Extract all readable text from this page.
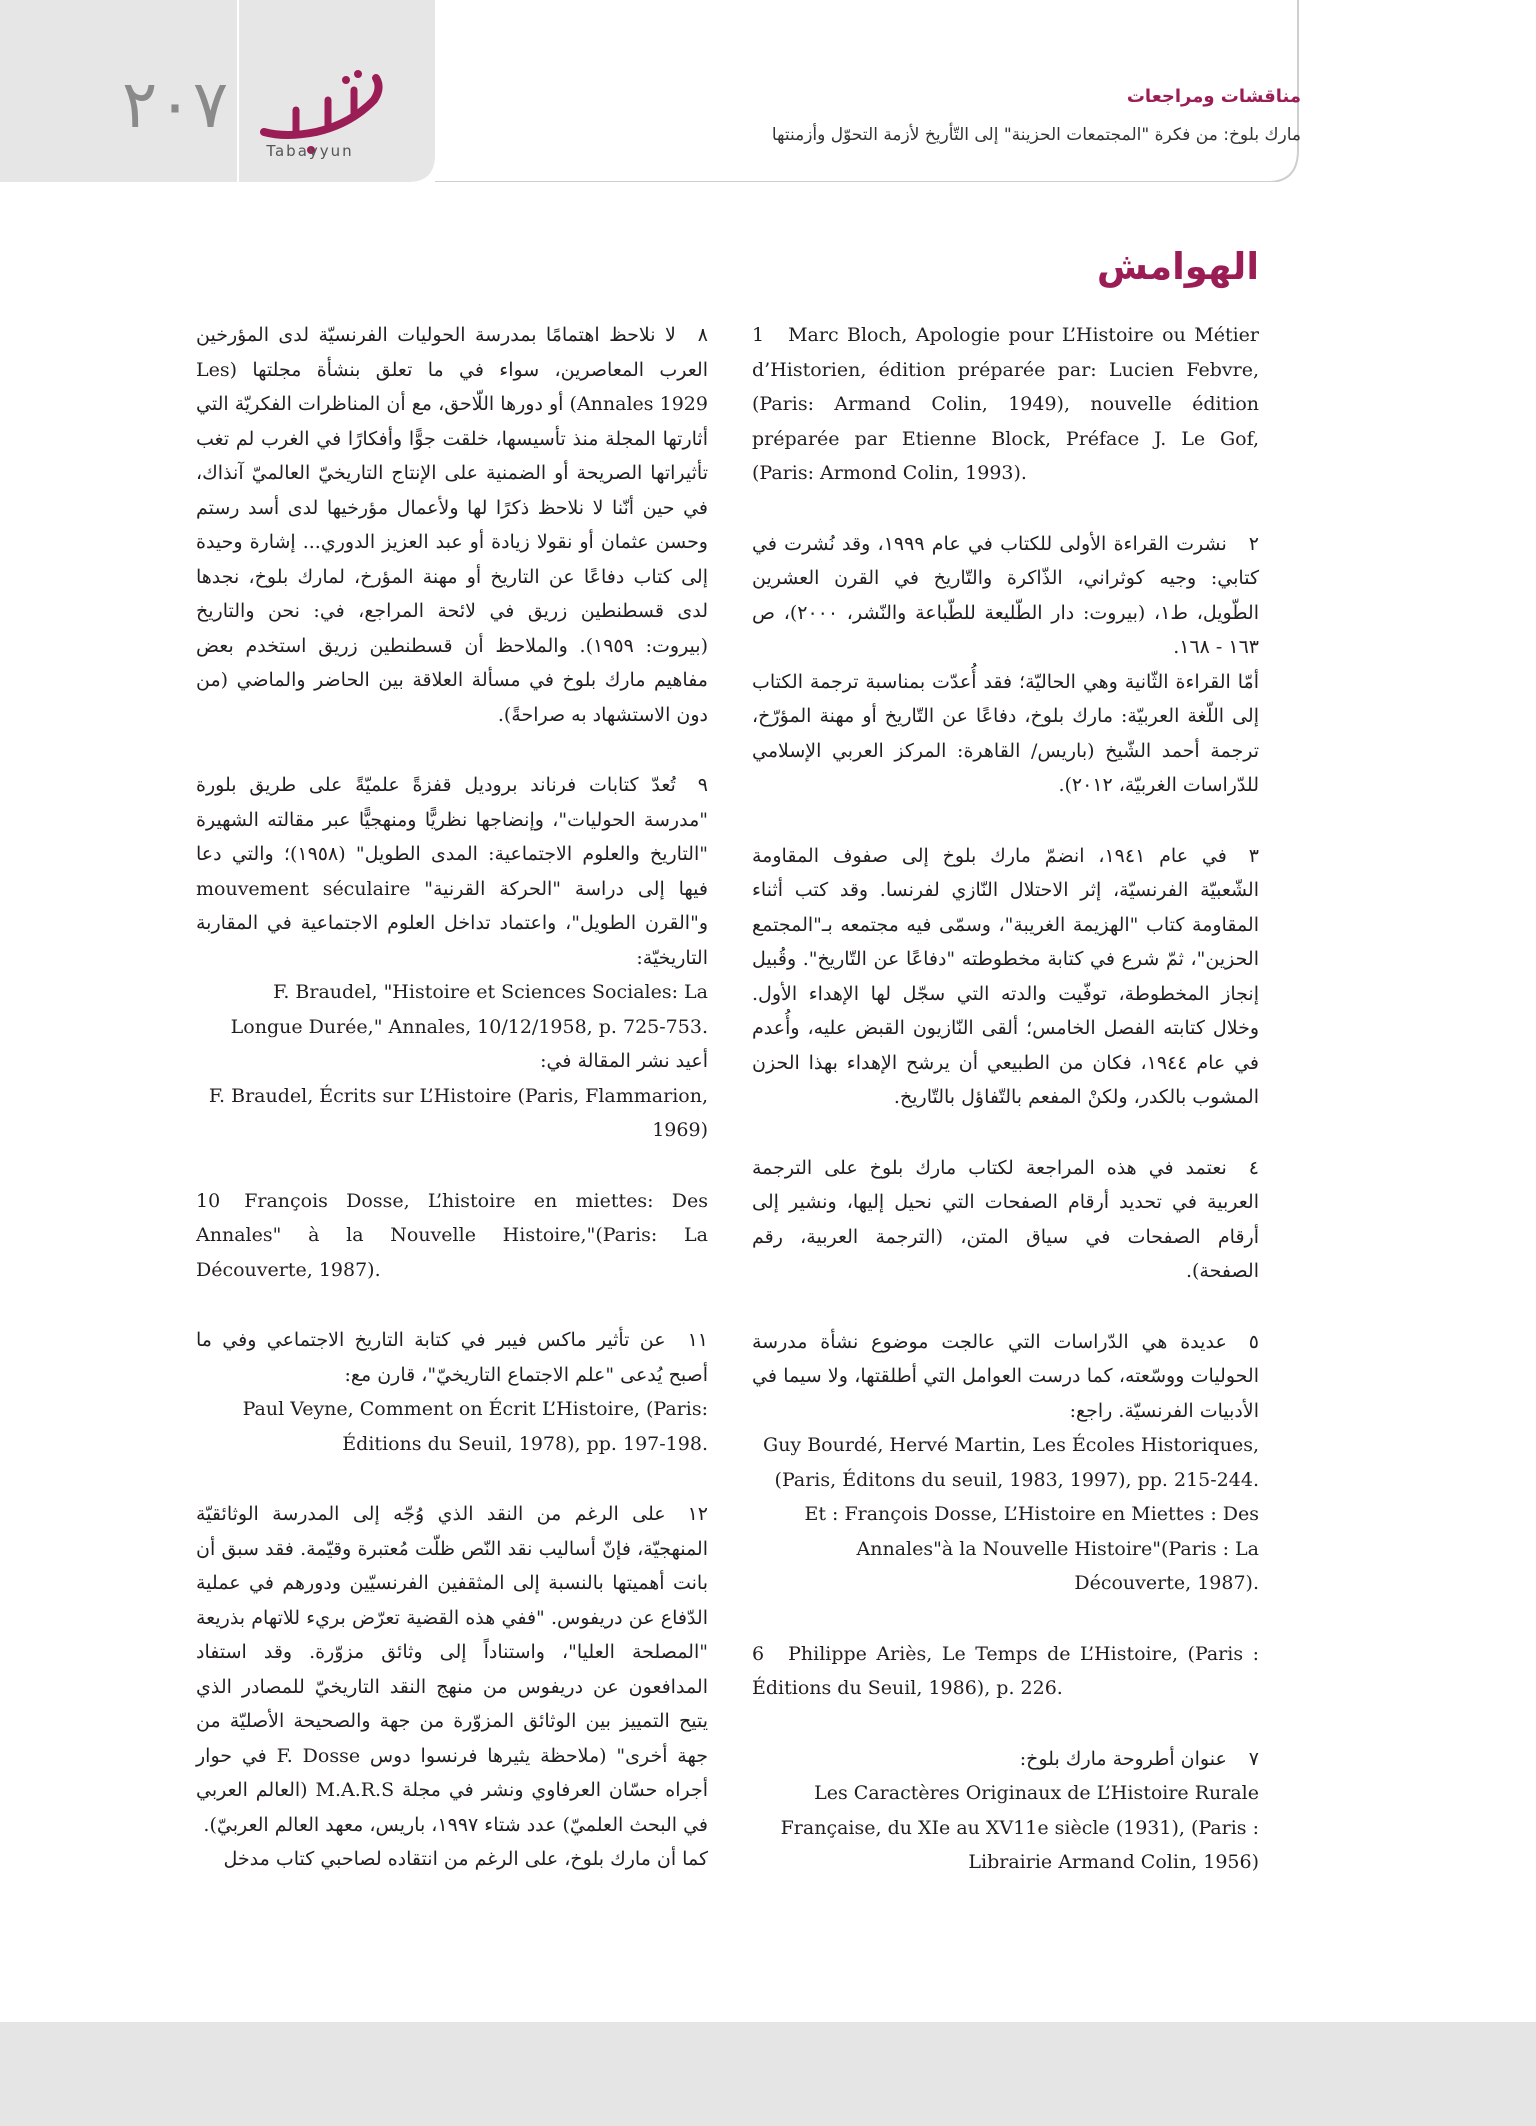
٢٠٧
Tabayyun
مناقشات ومراجعات
مارك بلوخ: من فكرة "المجتمعات الحزينة" إلى التّأريخ لأزمة التحوّل وأزمنتها
الهوامش

1 Marc Bloch, Apologie pour L’Histoire ou Métier d’Historien, édition préparée par: Lucien Febvre, (Paris: Armand Colin, 1949), nouvelle édition préparée par Etienne Block, Préface J. Le Gof, (Paris: Armond Colin, 1993).

٢نشرت القراءة الأولى للكتاب في عام ١٩٩٩، وقد نُشرت في كتابي: وجيه كوثراني، الذّاكرة والتّاريخ في القرن العشرين الطّويل، ط١، (بيروت: دار الطّليعة للطّباعة والنّشر، ٢٠٠٠)، ص ١٦٣ - ١٦٨.

أمّا القراءة الثّانية وهي الحاليّة؛ فقد أُعدّت بمناسبة ترجمة الكتاب إلى اللّغة العربيّة: مارك بلوخ، دفاعًا عن التّاريخ أو مهنة المؤرّخ، ترجمة أحمد الشّيخ (باريس/ القاهرة: المركز العربي الإسلامي للدّراسات الغربيّة، ٢٠١٢).

٣في عام ١٩٤١، انضمّ مارك بلوخ إلى صفوف المقاومة الشّعبيّة الفرنسيّة، إثر الاحتلال النّازي لفرنسا. وقد كتب أثناء المقاومة كتاب "الهزيمة الغريبة"، وسمّى فيه مجتمعه بـ"المجتمع الحزين"، ثمّ شرع في كتابة مخطوطته "دفاعًا عن التّاريخ". وقُبيل إنجاز المخطوطة، توفّيت والدته التي سجّل لها الإهداء الأول. وخلال كتابته الفصل الخامس؛ ألقى النّازيون القبض عليه، وأُعدم في عام ١٩٤٤، فكان من الطبيعي أن يرشح الإهداء بهذا الحزن المشوب بالكدر، ولكنْ المفعم بالتّفاؤل بالتّاريخ.

٤نعتمد في هذه المراجعة لكتاب مارك بلوخ على الترجمة العربية في تحديد أرقام الصفحات التي نحيل إليها، ونشير إلى أرقام الصفحات في سياق المتن، (الترجمة العربية، رقم الصفحة).

٥عديدة هي الدّراسات التي عالجت موضوع نشأة مدرسة الحوليات ووسّعته، كما درست العوامل التي أطلقتها، ولا سيما في الأدبيات الفرنسيّة. راجع:

Guy Bourdé, Hervé Martin, Les Écoles Historiques, (Paris, Éditons du seuil, 1983, 1997), pp. 215-244. Et : François Dosse, L’Histoire en Miettes : Des Annales"à la Nouvelle Histoire"(Paris : La Découverte, 1987).

6 Philippe Ariès, Le Temps de L’Histoire, (Paris : Éditions du Seuil, 1986), p. 226.

٧عنوان أطروحة مارك بلوخ:

Les Caractères Originaux de L’Histoire Rurale Française, du XIe au XV11e siècle (1931), (Paris : Librairie Armand Colin, 1956)

٨لا نلاحظ اهتمامًا بمدرسة الحوليات الفرنسيّة لدى المؤرخين العرب المعاصرين، سواء في ما تعلق بنشأة مجلتها (Les Annales 1929) أو دورها اللّاحق، مع أن المناظرات الفكريّة التي أثارتها المجلة منذ تأسيسها، خلقت جوًّا وأفكارًا في الغرب لم تغب تأثيراتها الصريحة أو الضمنية على الإنتاج التاريخيّ العالميّ آنذاك، في حين أنّنا لا نلاحظ ذكرًا لها ولأعمال مؤرخيها لدى أسد رستم وحسن عثمان أو نقولا زيادة أو عبد العزيز الدوري... إشارة وحيدة إلى كتاب دفاعًا عن التاريخ أو مهنة المؤرخ، لمارك بلوخ، نجدها لدى قسطنطين زريق في لائحة المراجع، في: نحن والتاريخ (بيروت: ١٩٥٩). والملاحظ أن قسطنطين زريق استخدم بعض مفاهيم مارك بلوخ في مسألة العلاقة بين الحاضر والماضي (من دون الاستشهاد به صراحةً).

٩تُعدّ كتابات فرناند بروديل قفزةً علميّةً على طريق بلورة "مدرسة الحوليات"، وإنضاجها نظريًّا ومنهجيًّا عبر مقالته الشهيرة "التاريخ والعلوم الاجتماعية: المدى الطويل" (١٩٥٨)؛ والتي دعا فيها إلى دراسة "الحركة القرنية" mouvement séculaire و"القرن الطويل"، واعتماد تداخل العلوم الاجتماعية في المقاربة التاريخيّة:

F. Braudel, "Histoire et Sciences Sociales: La Longue Durée," Annales, 10/12/1958, p. 725-753.

أعيد نشر المقالة في:

F. Braudel, Écrits sur L’Histoire (Paris, Flammarion, 1969)

10 François Dosse, L’histoire en miettes: Des Annales" à la Nouvelle Histoire,"(Paris: La Découverte, 1987).

١١عن تأثير ماكس فيبر في كتابة التاريخ الاجتماعي وفي ما أصبح يُدعى "علم الاجتماع التاريخيّ"، قارن مع:

Paul Veyne, Comment on Écrit L’Histoire, (Paris: Éditions du Seuil, 1978), pp. 197-198.

١٢على الرغم من النقد الذي وُجّه إلى المدرسة الوثائقيّة المنهجيّة، فإنّ أساليب نقد النّص ظلّت مُعتبرة وقيّمة. فقد سبق أن بانت أهميتها بالنسبة إلى المثقفين الفرنسيّين ودورهم في عملية الدّفاع عن دريفوس. "ففي هذه القضية تعرّض بريء للاتهام بذريعة "المصلحة العليا"، واستناداً إلى وثائق مزوّرة. وقد استفاد المدافعون عن دريفوس من منهج النقد التاريخيّ للمصادر الذي يتيح التمييز بين الوثائق المزوّرة من جهة والصحيحة الأصليّة من جهة أخرى" (ملاحظة يثيرها فرنسوا دوس F. Dosse في حوار أجراه حسّان العرفاوي ونشر في مجلة M.A.R.S (العالم العربي في البحث العلميّ) عدد شتاء ١٩٩٧، باريس، معهد العالم العربيّ).

كما أن مارك بلوخ، على الرغم من انتقاده لصاحبي كتاب مدخل
